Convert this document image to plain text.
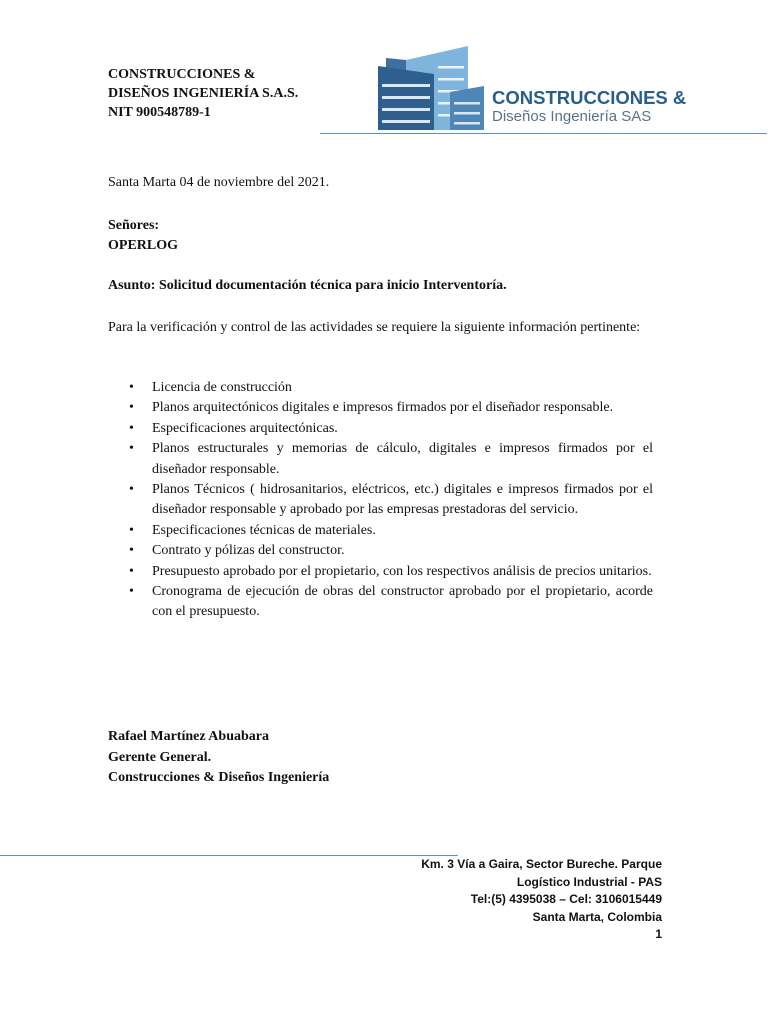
CONSTRUCCIONES &
DISEÑOS INGENIERÍA S.A.S.
NIT 900548789-1
CONSTRUCCIONES &
Diseños Ingeniería SAS
Santa Marta 04 de noviembre del 2021.
Señores:
OPERLOG
Asunto: Solicitud documentación técnica para inicio Interventoría.
Para la verificación y control de las actividades se requiere la siguiente información pertinente:
• Licencia de construcción
• Planos arquitectónicos digitales e impresos firmados por el diseñador responsable.
• Especificaciones arquitectónicas.
• Planos estructurales y memorias de cálculo, digitales e impresos firmados por el diseñador responsable.
• Planos Técnicos ( hidrosanitarios, eléctricos, etc.) digitales e impresos firmados por el diseñador responsable y aprobado por las empresas prestadoras del servicio.
• Especificaciones técnicas de materiales.
• Contrato y pólizas del constructor.
• Presupuesto aprobado por el propietario, con los respectivos análisis de precios unitarios.
• Cronograma de ejecución de obras del constructor aprobado por el propietario, acorde con el presupuesto.
Rafael Martínez Abuabara
Gerente General.
Construcciones & Diseños Ingeniería
Km. 3 Vía a Gaira, Sector Bureche. Parque
Logístico Industrial - PAS
Tel:(5) 4395038 – Cel: 3106015449
Santa Marta, Colombia
1
